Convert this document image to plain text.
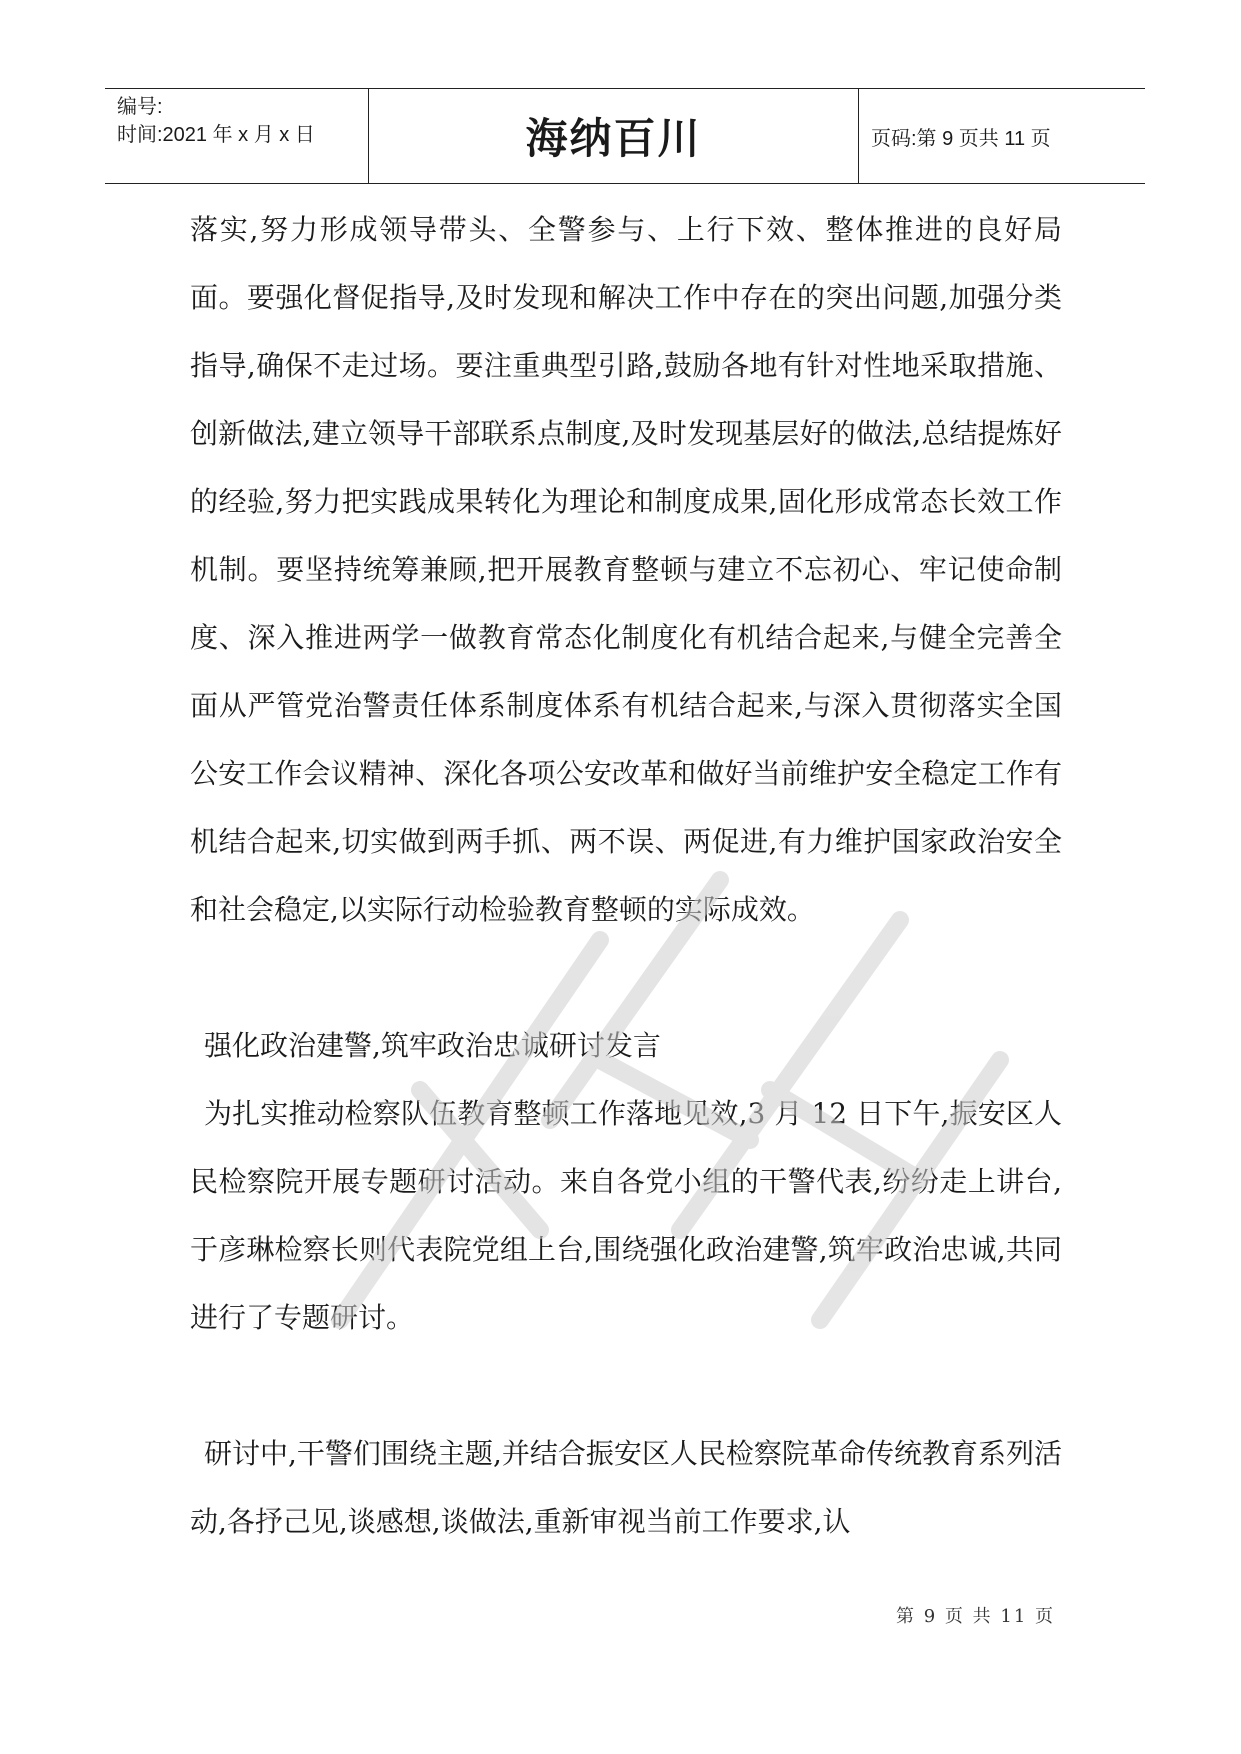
编号:
时间:2021 年 x 月 x 日	海纳百川	页码:第 9 页共 11 页

落实,努力形成领导带头、全警参与、上行下效、整体推进的良好局面。要强化督促指导,及时发现和解决工作中存在的突出问题,加强分类指导,确保不走过场。要注重典型引路,鼓励各地有针对性地采取措施、创新做法,建立领导干部联系点制度,及时发现基层好的做法,总结提炼好的经验,努力把实践成果转化为理论和制度成果,固化形成常态长效工作机制。要坚持统筹兼顾,把开展教育整顿与建立不忘初心、牢记使命制度、深入推进两学一做教育常态化制度化有机结合起来,与健全完善全面从严管党治警责任体系制度体系有机结合起来,与深入贯彻落实全国公安工作会议精神、深化各项公安改革和做好当前维护安全稳定工作有机结合起来,切实做到两手抓、两不误、两促进,有力维护国家政治安全和社会稳定,以实际行动检验教育整顿的实际成效。

强化政治建警,筑牢政治忠诚研讨发言

为扎实推动检察队伍教育整顿工作落地见效,3 月 12 日下午,振安区人民检察院开展专题研讨活动。来自各党小组的干警代表,纷纷走上讲台,于彦琳检察长则代表院党组上台,围绕强化政治建警,筑牢政治忠诚,共同进行了专题研讨。

研讨中,干警们围绕主题,并结合振安区人民检察院革命传统教育系列活动,各抒己见,谈感想,谈做法,重新审视当前工作要求,认

第 9 页 共 11 页
